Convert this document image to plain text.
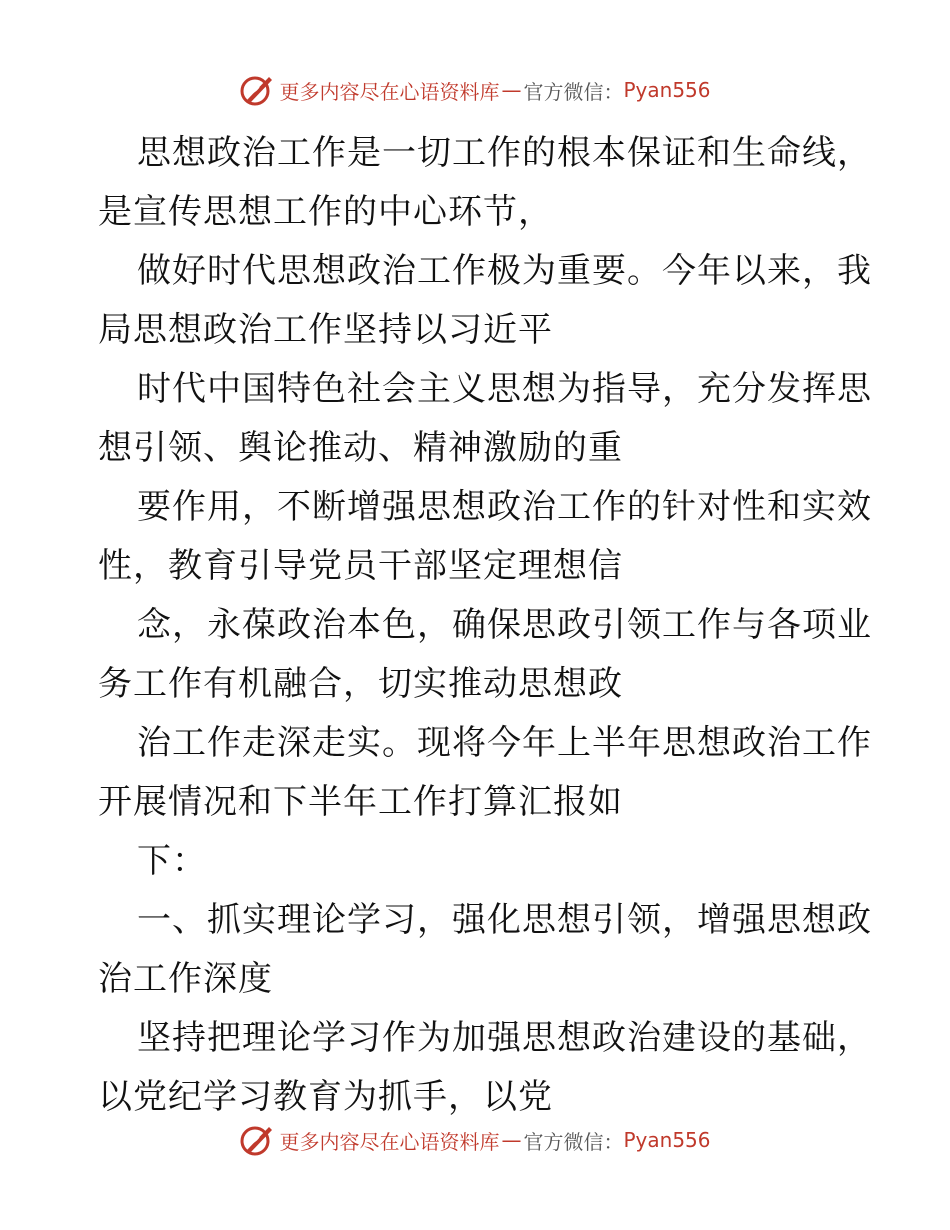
更多内容尽在心语资料库 — 官方微信： Pyan556
思想政治工作是一切工作的根本保证和生命线，
是宣传思想工作的中心环节，
做好时代思想政治工作极为重要。今年以来，我
局思想政治工作坚持以习近平
时代中国特色社会主义思想为指导，充分发挥思
想引领、舆论推动、精神激励的重
要作用，不断增强思想政治工作的针对性和实效
性，教育引导党员干部坚定理想信
念，永葆政治本色，确保思政引领工作与各项业
务工作有机融合，切实推动思想政
治工作走深走实。现将今年上半年思想政治工作
开展情况和下半年工作打算汇报如
下：
一、抓实理论学习，强化思想引领，增强思想政
治工作深度
坚持把理论学习作为加强思想政治建设的基础，
以党纪学习教育为抓手，以党
更多内容尽在心语资料库 — 官方微信： Pyan556
